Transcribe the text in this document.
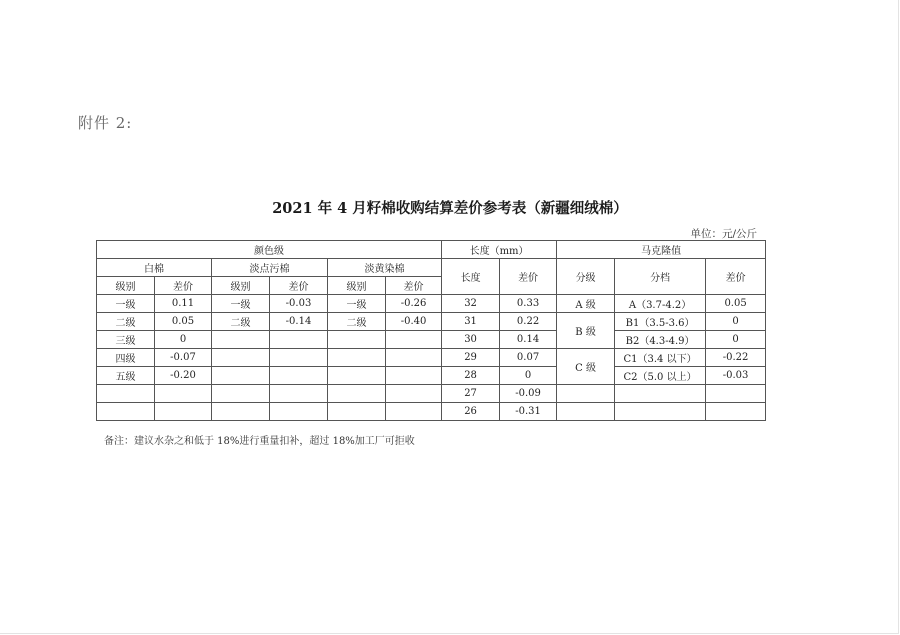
附件 2:
2021 年 4 月籽棉收购结算差价参考表（新疆细绒棉）
单位：元/公斤
颜色级						长度（mm）		马克隆值		
白棉		淡点污棉		淡黄染棉		长度	差价	分级	分档	差价
级别	差价	级别	差价	级别	差价					
一级	0.11	一级	-0.03	一级	-0.26	32	0.33	A 级	A（3.7-4.2）	0.05
二级	0.05	二级	-0.14	二级	-0.40	31	0.22	B 级	B1（3.5-3.6）	0
三级	0					30	0.14		B2（4.3-4.9）	0
四级	-0.07					29	0.07	C 级	C1（3.4 以下）	-0.22
五级	-0.20					28	0		C2（5.0 以上）	-0.03
						27	-0.09			
						26	-0.31			
备注：建议水杂之和低于 18%进行重量扣补，超过 18%加工厂可拒收
